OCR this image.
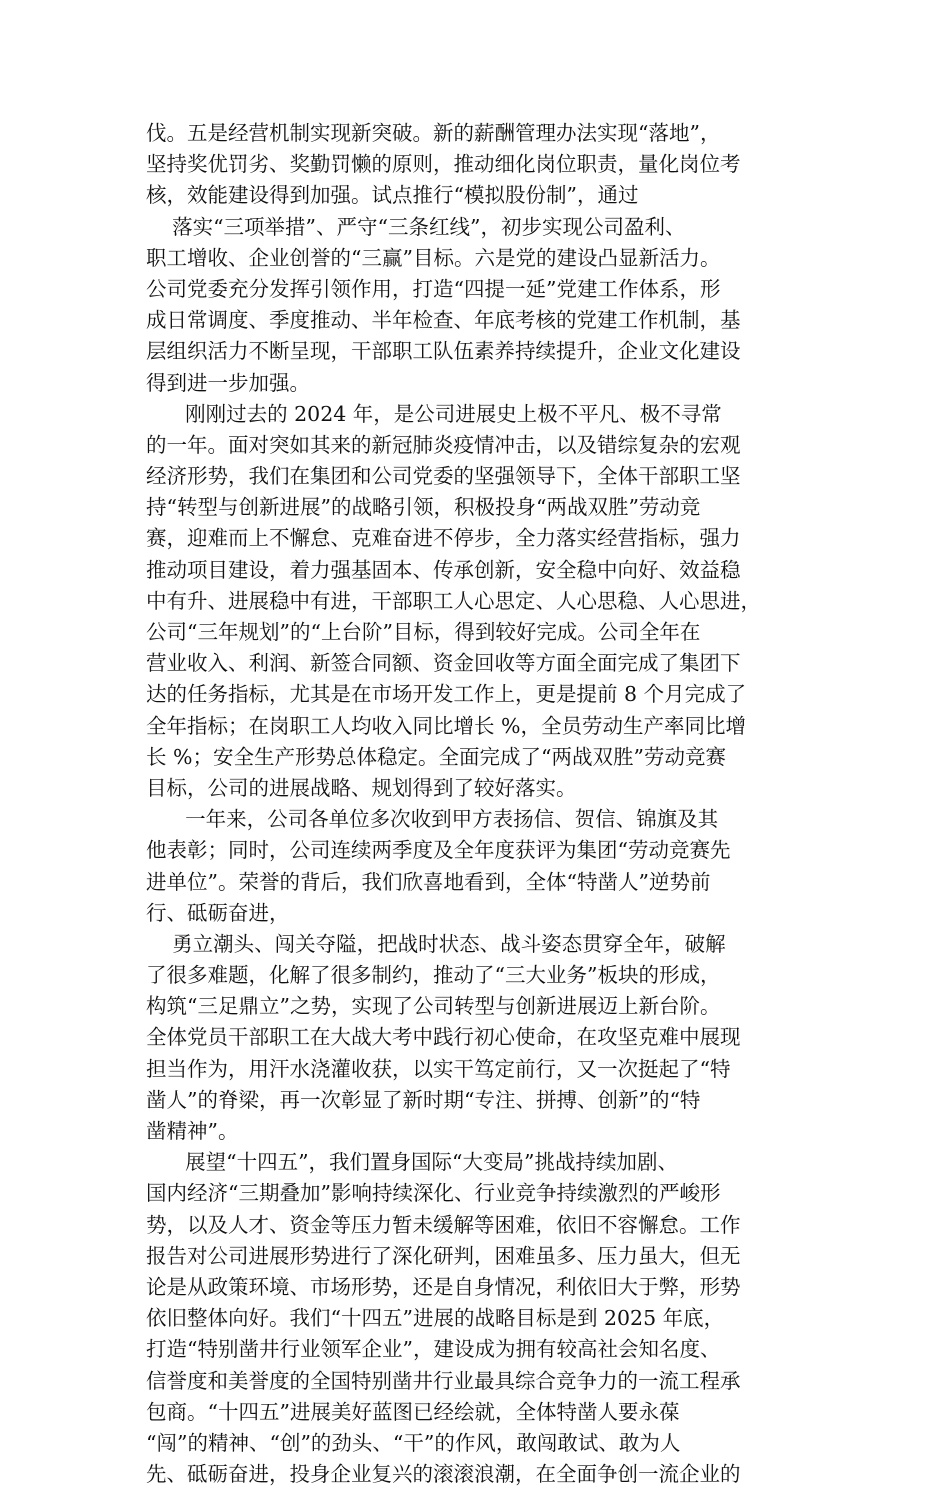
伐。五是经营机制实现新突破。新的薪酬管理办法实现“落地”，
坚持奖优罚劣、奖勤罚懒的原则，推动细化岗位职责，量化岗位考
核，效能建设得到加强。试点推行“模拟股份制”，通过
落实“三项举措”、严守“三条红线”，初步实现公司盈利、
职工增收、企业创誉的“三赢”目标。六是党的建设凸显新活力。
公司党委充分发挥引领作用，打造“四提一延”党建工作体系，形
成日常调度、季度推动、半年检查、年底考核的党建工作机制，基
层组织活力不断呈现，干部职工队伍素养持续提升，企业文化建设
得到进一步加强。
刚刚过去的 2024 年，是公司进展史上极不平凡、极不寻常
的一年。面对突如其来的新冠肺炎疫情冲击，以及错综复杂的宏观
经济形势，我们在集团和公司党委的坚强领导下，全体干部职工坚
持“转型与创新进展”的战略引领，积极投身“两战双胜”劳动竞
赛，迎难而上不懈怠、克难奋进不停步，全力落实经营指标，强力
推动项目建设，着力强基固本、传承创新，安全稳中向好、效益稳
中有升、进展稳中有进，干部职工人心思定、人心思稳、人心思进，
公司“三年规划”的“上台阶”目标，得到较好完成。公司全年在
营业收入、利润、新签合同额、资金回收等方面全面完成了集团下
达的任务指标，尤其是在市场开发工作上，更是提前 8 个月完成了
全年指标；在岗职工人均收入同比增长 %，全员劳动生产率同比增
长 %；安全生产形势总体稳定。全面完成了“两战双胜”劳动竞赛
目标，公司的进展战略、规划得到了较好落实。
一年来，公司各单位多次收到甲方表扬信、贺信、锦旗及其
他表彰；同时，公司连续两季度及全年度获评为集团“劳动竞赛先
进单位”。荣誉的背后，我们欣喜地看到，全体“特凿人”逆势前
行、砥砺奋进，
勇立潮头、闯关夺隘，把战时状态、战斗姿态贯穿全年，破解
了很多难题，化解了很多制约，推动了“三大业务”板块的形成，
构筑“三足鼎立”之势，实现了公司转型与创新进展迈上新台阶。
全体党员干部职工在大战大考中践行初心使命，在攻坚克难中展现
担当作为，用汗水浇灌收获，以实干笃定前行，又一次挺起了“特
凿人”的脊梁，再一次彰显了新时期“专注、拼搏、创新”的“特
凿精神”。
展望“十四五”，我们置身国际“大变局”挑战持续加剧、
国内经济“三期叠加”影响持续深化、行业竞争持续激烈的严峻形
势，以及人才、资金等压力暂未缓解等困难，依旧不容懈怠。工作
报告对公司进展形势进行了深化研判，困难虽多、压力虽大，但无
论是从政策环境、市场形势，还是自身情况，利依旧大于弊，形势
依旧整体向好。我们“十四五”进展的战略目标是到 2025 年底，
打造“特别凿井行业领军企业”，建设成为拥有较高社会知名度、
信誉度和美誉度的全国特别凿井行业最具综合竞争力的一流工程承
包商。“十四五”进展美好蓝图已经绘就，全体特凿人要永葆
“闯”的精神、“创”的劲头、“干”的作风，敢闯敢试、敢为人
先、砥砺奋进，投身企业复兴的滚滚浪潮，在全面争创一流企业的
